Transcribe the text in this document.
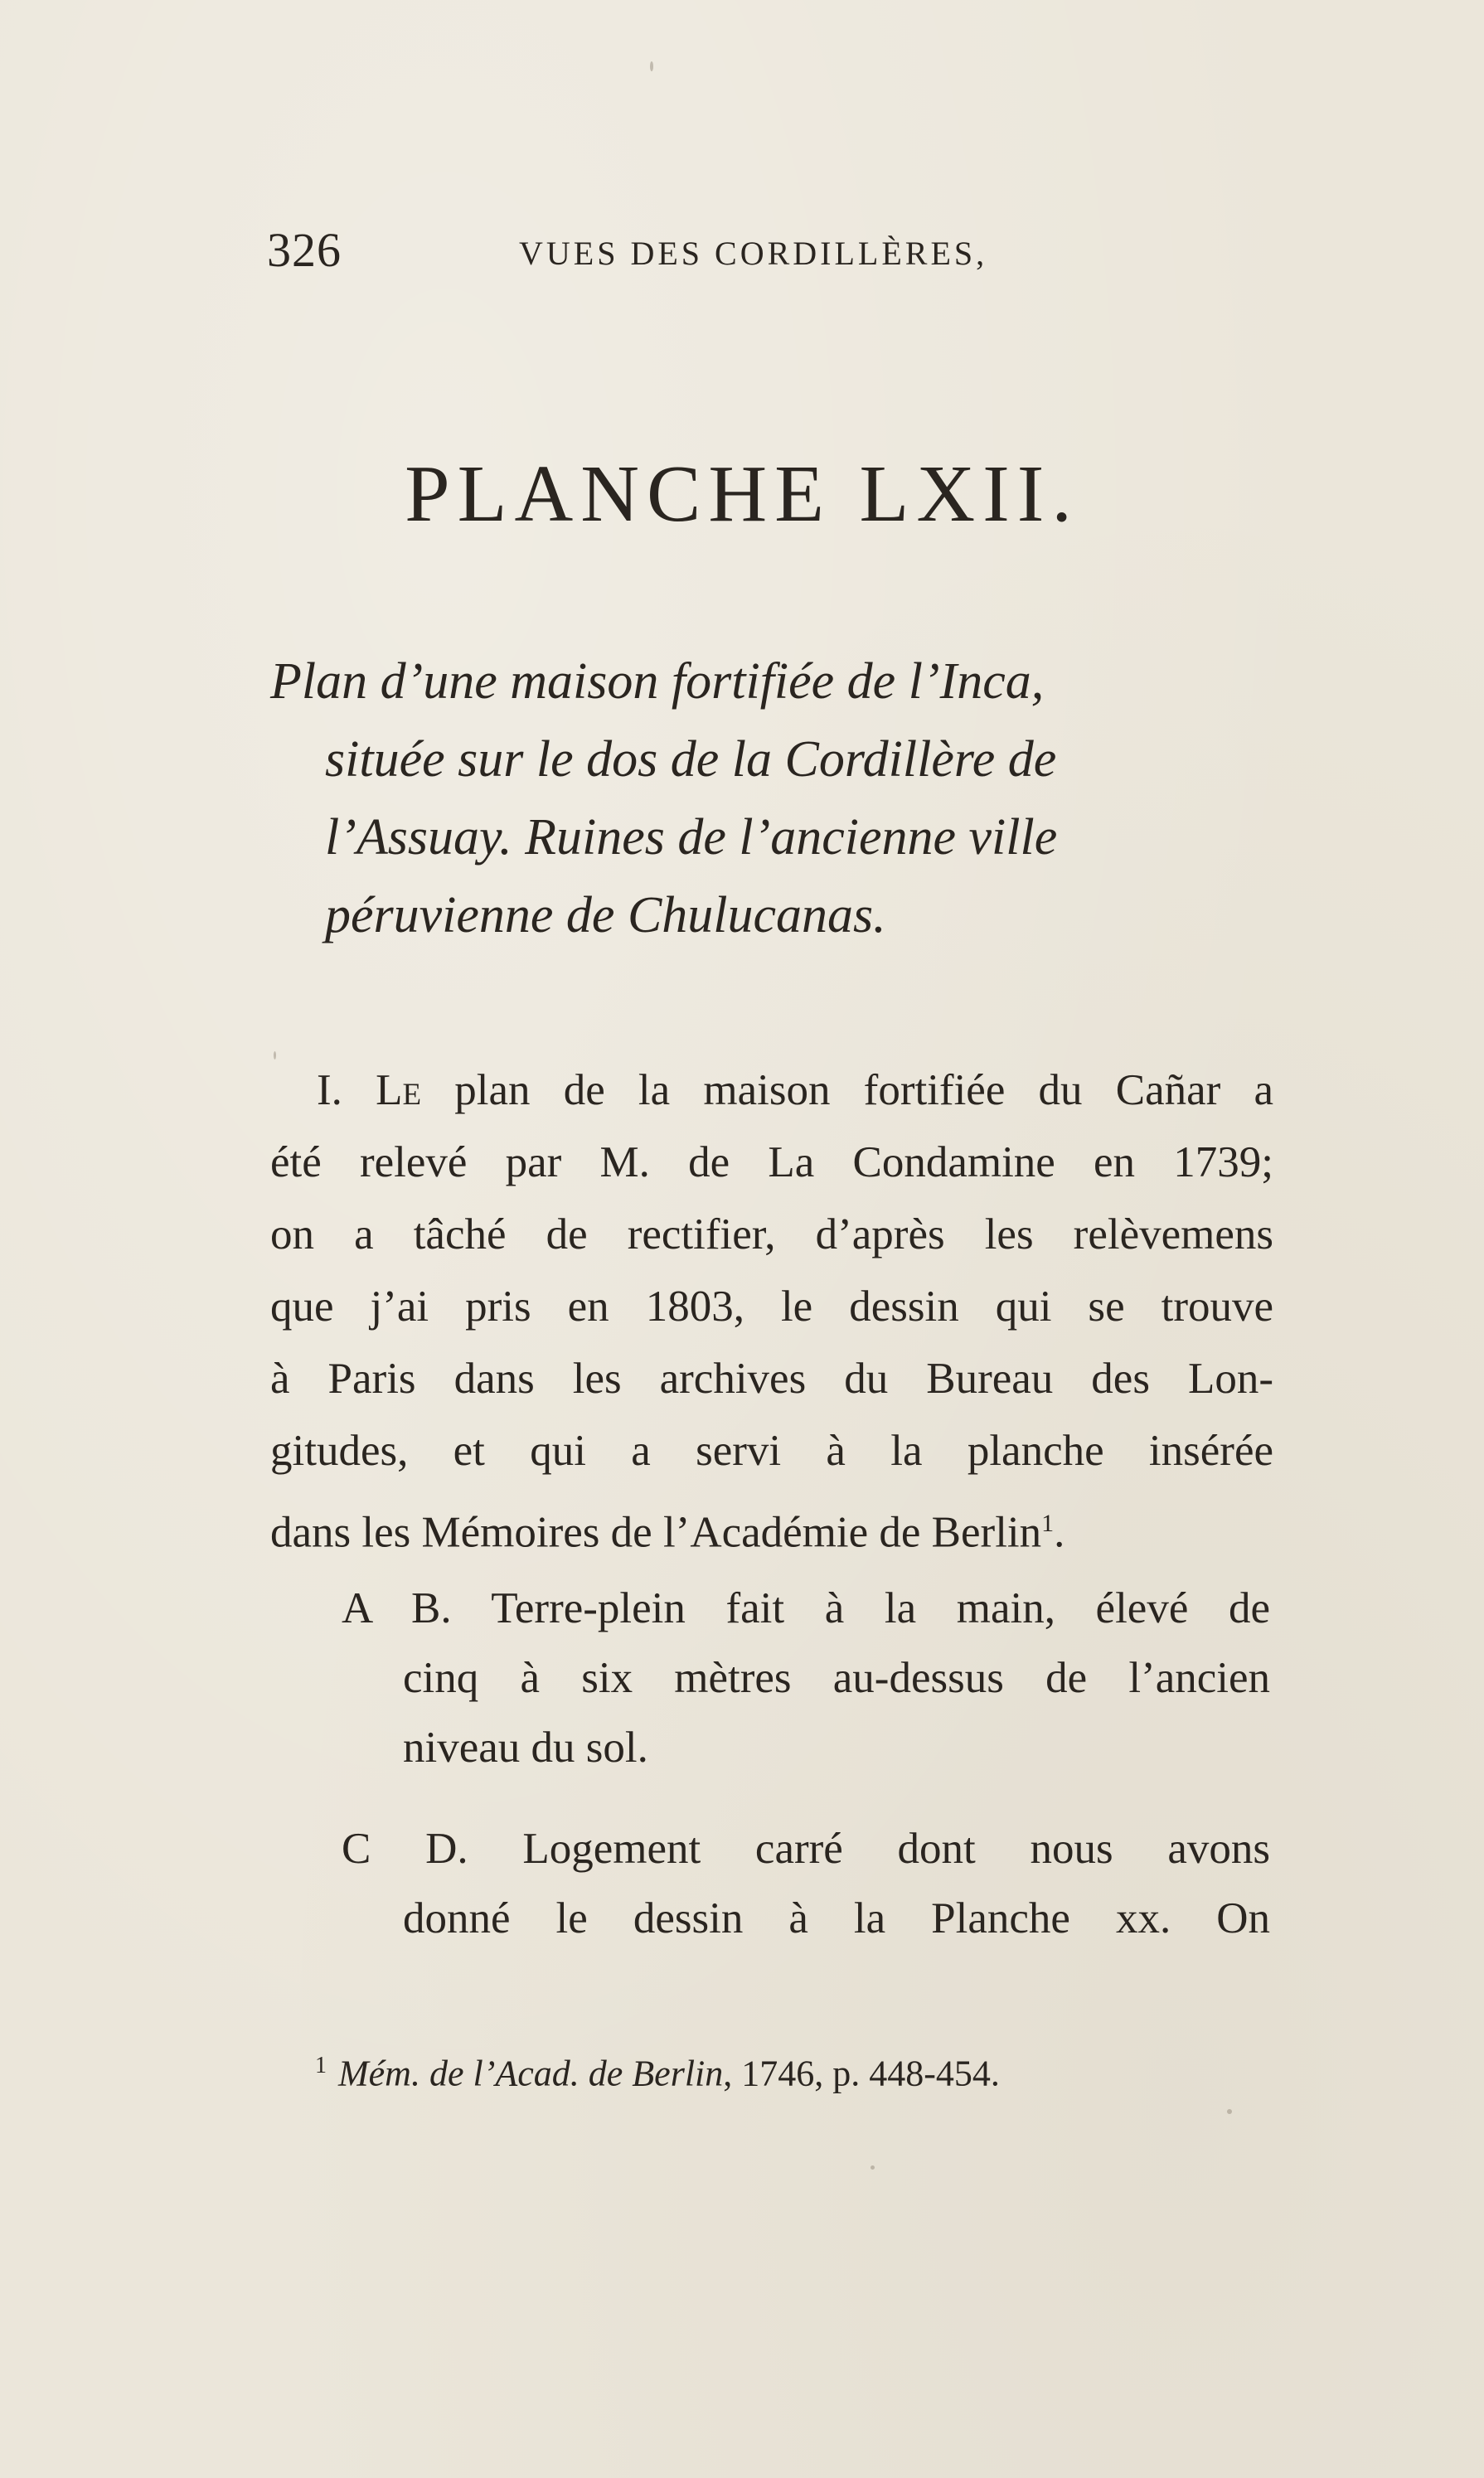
326	VUES DES CORDILLÈRES,
PLANCHE LXII.

Plan d’une maison fortifiée de l’Inca,
située sur le dos de la Cordillère de
l’Assuay. Ruines de l’ancienne ville
péruvienne de Chulucanas.

I. Le plan de la maison fortifiée du Cañar a
été relevé par M. de La Condamine en 1739;
on a tâché de rectifier, d’après les relèvemens
que j’ai pris en 1803, le dessin qui se trouve
à Paris dans les archives du Bureau des Lon-
gitudes, et qui a servi à la planche insérée
dans les Mémoires de l’Académie de Berlin$^1$.

A B. Terre-plein fait à la main, élevé de
cinq à six mètres au-dessus de l’ancien
niveau du sol.

C D. Logement carré dont nous avons
donné le dessin à la Planche xx. On

$^1$ Mém. de l’Acad. de Berlin, 1746, p. 448-454.
